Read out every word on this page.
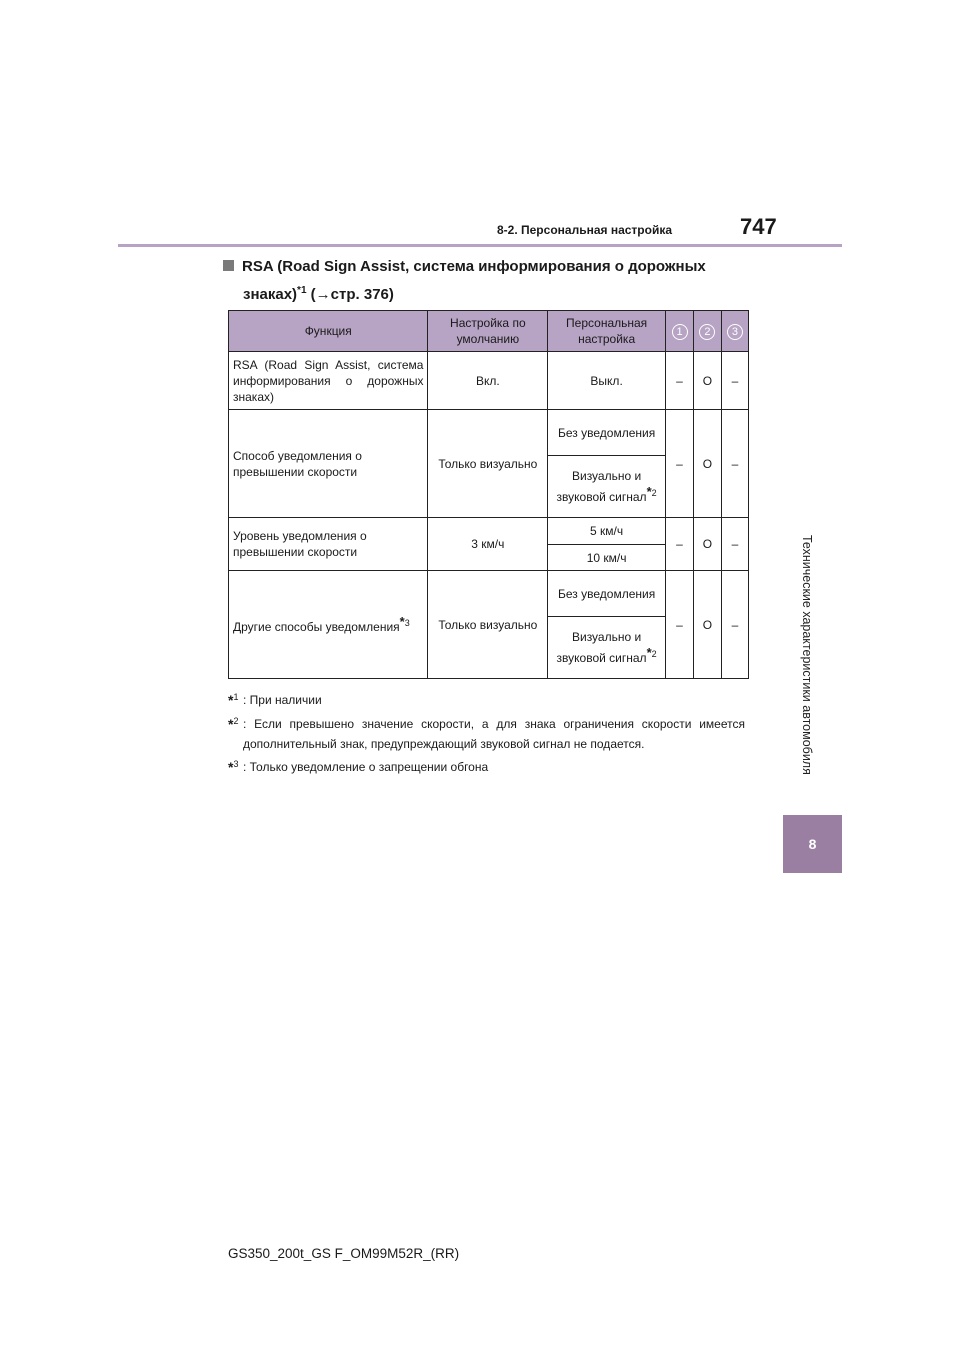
8-2. Персональная настройка	747
Технические характеристики автомобиля
8
RSA (Road Sign Assist, система информирования о дорожных
знаках)$^{*1}$ (→стр. 376)
Функция	Настройка по умолчанию	Персональная настройка	1	2	3
RSA (Road Sign Assist, система информирования о дорожных знаках)	Вкл.	Выкл.	–	O	–
Способ уведомления о превышении скорости	Только визуально	Без уведомления	–	O	–
		Визуально и звуковой сигнал$^{*2}$
Уровень уведомления о превышении скорости	3 км/ч	5 км/ч	–	O	–
		10 км/ч			
Другие способы уведомления$^{*3}$	Только визуально	Без уведомления	–	O	–
		Визуально и звуковой сигнал$^{*2}$
*$^1$ : При наличии
*$^2$ : Если превышено значение скорости, а для знака ограничения скорости имеется дополнительный знак, предупреждающий звуковой сигнал не подается.
*$^3$ : Только уведомление о запрещении обгона
GS350_200t_GS F_OM99M52R_(RR)
